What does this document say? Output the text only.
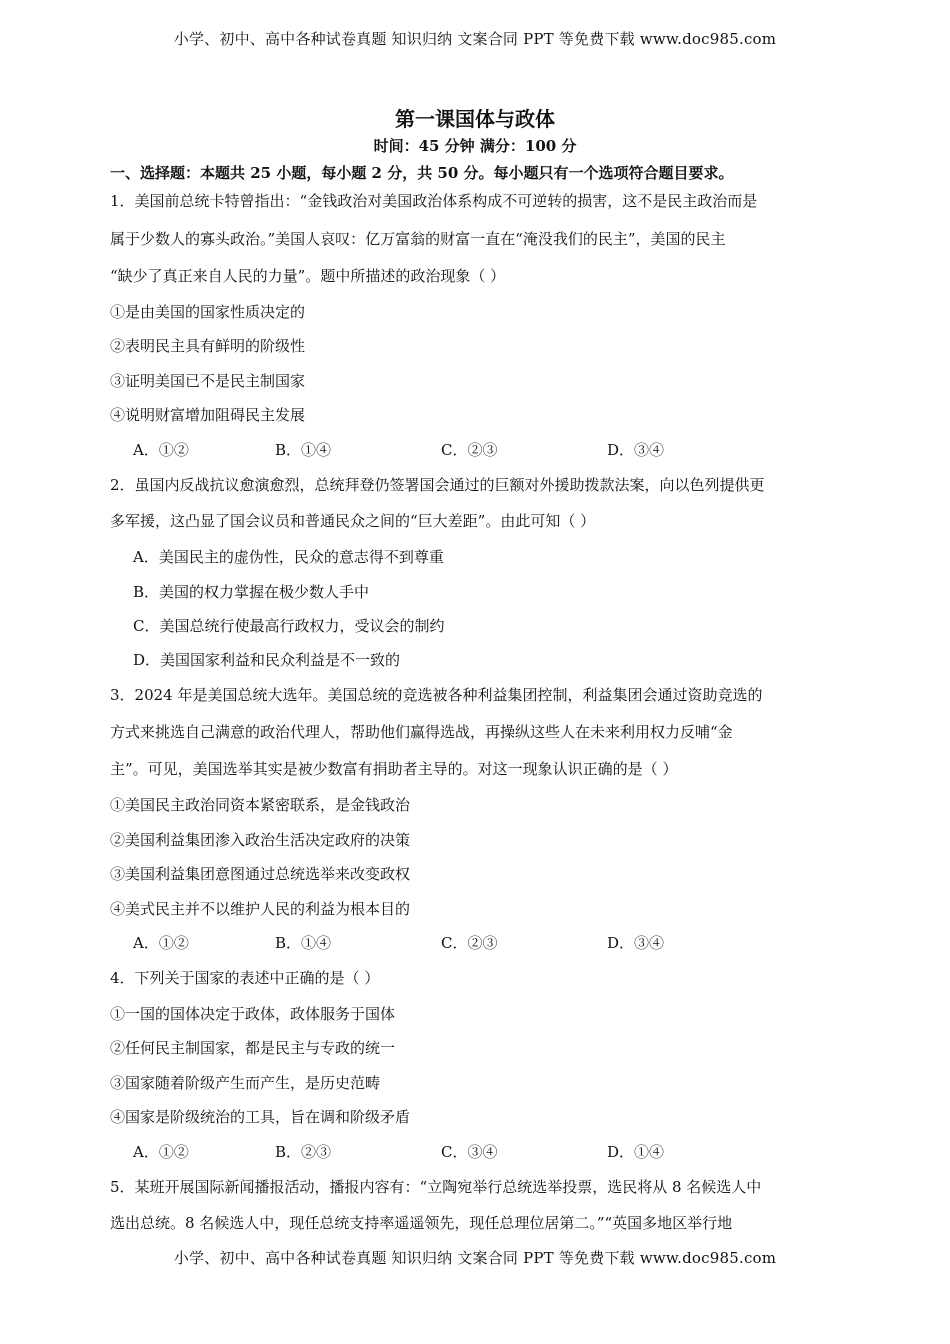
小学、初中、高中各种试卷真题 知识归纳 文案合同 PPT 等免费下载 www.doc985.com
第一课国体与政体
时间：45 分钟 满分：100 分
一、选择题：本题共 25 小题，每小题 2 分，共 50 分。每小题只有一个选项符合题目要求。
1．美国前总统卡特曾指出：“金钱政治对美国政治体系构成不可逆转的损害，这不是民主政治而是
属于少数人的寡头政治。”美国人哀叹：亿万富翁的财富一直在“淹没我们的民主”，美国的民主
“缺少了真正来自人民的力量”。题中所描述的政治现象（ ）
①是由美国的国家性质决定的
②表明民主具有鲜明的阶级性
③证明美国已不是民主制国家
④说明财富增加阻碍民主发展
A．①②	B．①④	C．②③	D．③④
2．虽国内反战抗议愈演愈烈，总统拜登仍签署国会通过的巨额对外援助拨款法案，向以色列提供更
多军援，这凸显了国会议员和普通民众之间的“巨大差距”。由此可知（ ）
A．美国民主的虚伪性，民众的意志得不到尊重
B．美国的权力掌握在极少数人手中
C．美国总统行使最高行政权力，受议会的制约
D．美国国家利益和民众利益是不一致的
3．2024 年是美国总统大选年。美国总统的竞选被各种利益集团控制，利益集团会通过资助竞选的
方式来挑选自己满意的政治代理人，帮助他们赢得选战，再操纵这些人在未来利用权力反哺“金
主”。可见，美国选举其实是被少数富有捐助者主导的。对这一现象认识正确的是（ ）
①美国民主政治同资本紧密联系，是金钱政治
②美国利益集团渗入政治生活决定政府的决策
③美国利益集团意图通过总统选举来改变政权
④美式民主并不以维护人民的利益为根本目的
A．①②	B．①④	C．②③	D．③④
4．下列关于国家的表述中正确的是（ ）
①一国的国体决定于政体，政体服务于国体
②任何民主制国家，都是民主与专政的统一
③国家随着阶级产生而产生，是历史范畴
④国家是阶级统治的工具，旨在调和阶级矛盾
A．①②	B．②③	C．③④	D．①④
5．某班开展国际新闻播报活动，播报内容有：“立陶宛举行总统选举投票，选民将从 8 名候选人中
选出总统。8 名候选人中，现任总统支持率遥遥领先，现任总理位居第二。”“英国多地区举行地
小学、初中、高中各种试卷真题 知识归纳 文案合同 PPT 等免费下载 www.doc985.com
